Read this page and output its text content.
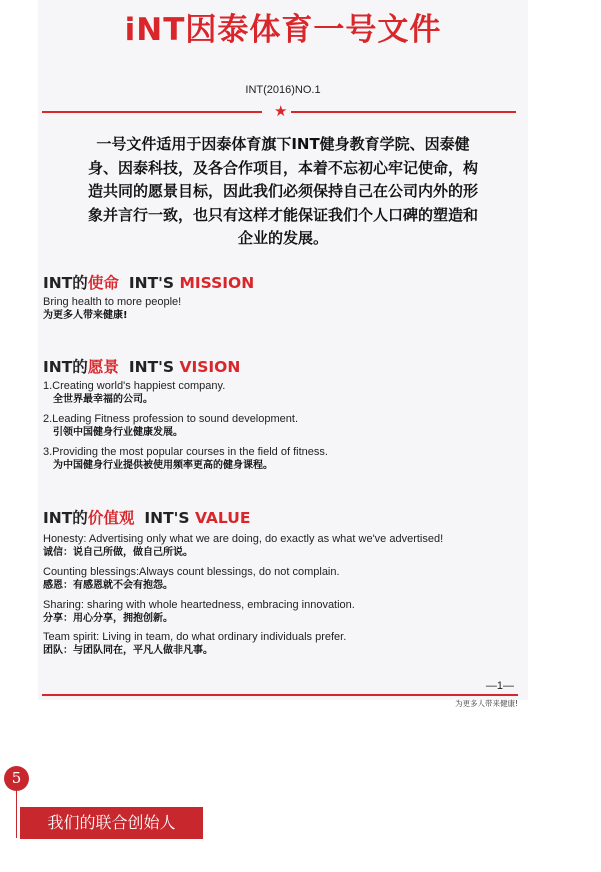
iNT因泰体育一号文件
INT(2016)NO.1
★
一号文件适用于因泰体育旗下INT健身教育学院、因泰健身、因泰科技，及各合作项目，本着不忘初心牢记使命，构造共同的愿景目标，因此我们必须保持自己在公司内外的形象并言行一致，也只有这样才能保证我们个人口碑的塑造和企业的发展。
INT的使命 INT'S MISSION
Bring health to more people!
为更多人带来健康!
INT的愿景 INT'S VISION
1.Creating world's happiest company.
全世界最幸福的公司。
2.Leading Fitness profession to sound development.
引领中国健身行业健康发展。
3.Providing the most popular courses in the field of fitness.
为中国健身行业提供被使用频率更高的健身课程。
INT的价值观 INT'S VALUE
Honesty: Advertising only what we are doing, do exactly as what we've advertised!
诚信：说自己所做，做自己所说。
Counting blessings:Always count blessings, do not complain.
感恩：有感恩就不会有抱怨。
Sharing: sharing with whole heartedness, embracing innovation.
分享：用心分享，拥抱创新。
Team spirit: Living in team, do what ordinary individuals prefer.
团队：与团队同在，平凡人做非凡事。
—1—
为更多人带来健康!
5
我们的联合创始人
